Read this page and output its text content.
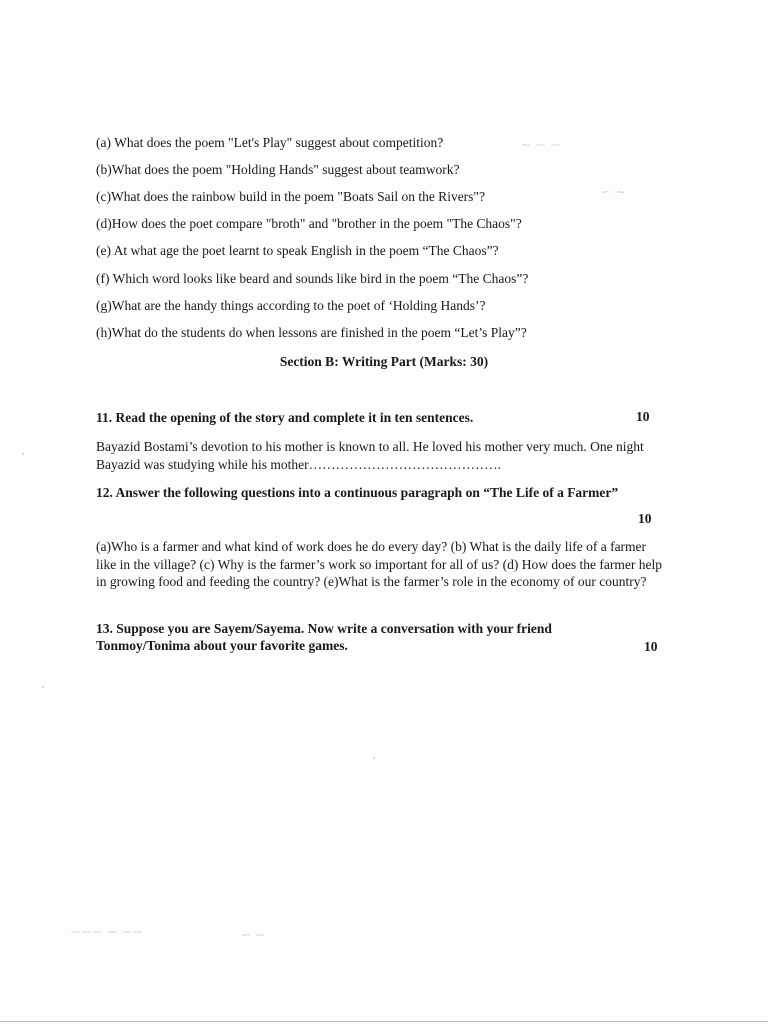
~ ∽ ∽
∽ ~
∽∽∽ ~ ∽∽	∽ ~
(a) What does the poem "Let's Play" suggest about competition?
(b)What does the poem "Holding Hands" suggest about teamwork?
(c)What does the rainbow build in the poem "Boats Sail on the Rivers"?
(d)How does the poet compare "broth" and "brother in the poem "The Chaos"?
(e) At what age the poet learnt to speak English in the poem “The Chaos”?
(f) Which word looks like beard and sounds like bird in the poem “The Chaos”?
(g)What are the handy things according to the poet of ‘Holding Hands’?
(h)What do the students do when lessons are finished in the poem “Let’s Play”?
Section B: Writing Part (Marks: 30)
11. Read the opening of the story and complete it in ten sentences.	10
Bayazid Bostami’s devotion to his mother is known to all. He loved his mother very much. One night Bayazid was studying while his mother…………………………………….
12. Answer the following questions into a continuous paragraph on “The Life of a Farmer”
10
(a)Who is a farmer and what kind of work does he do every day? (b) What is the daily life of a farmer like in the village? (c) Why is the farmer’s work so important for all of us? (d) How does the farmer help in growing food and feeding the country? (e)What is the farmer’s role in the economy of our country?
13. Suppose you are Sayem/Sayema. Now write a conversation with your friend Tonmoy/Tonima about your favorite games.	10
